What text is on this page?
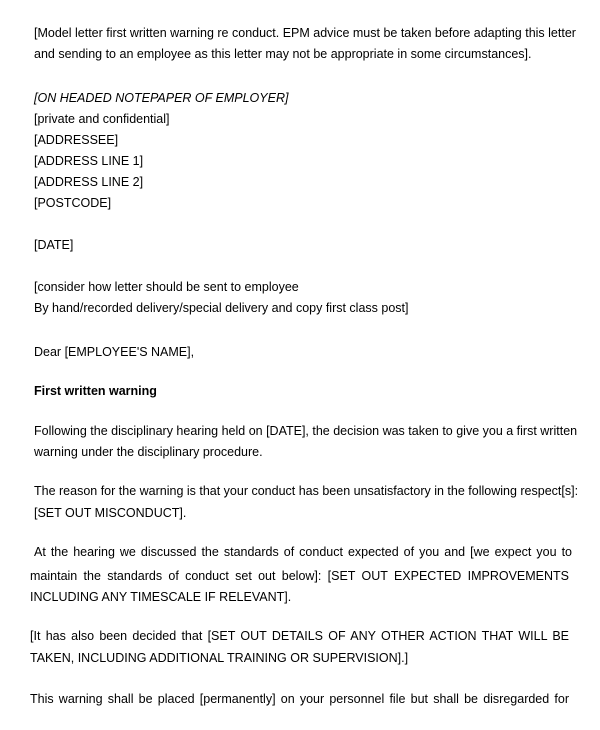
[Model letter first written warning re conduct. EPM advice must be taken before adapting this letter
and sending to an employee as this letter may not be appropriate in some circumstances].
[ON HEADED NOTEPAPER OF EMPLOYER]
[private and confidential]
[ADDRESSEE]
[ADDRESS LINE 1]
[ADDRESS LINE 2]
[POSTCODE]
[DATE]
[consider how letter should be sent to employee
By hand/recorded delivery/special delivery and copy first class post]
Dear [EMPLOYEE'S NAME],
First written warning
Following the disciplinary hearing held on [DATE], the decision was taken to give you a first written
warning under the disciplinary procedure.
The reason for the warning is that your conduct has been unsatisfactory in the following respect[s]:
[SET OUT MISCONDUCT].
At the hearing we discussed the standards of conduct expected of you and [we expect you to
maintain the standards of conduct set out below]: [SET OUT EXPECTED IMPROVEMENTS
INCLUDING ANY TIMESCALE IF RELEVANT].
[It has also been decided that [SET OUT DETAILS OF ANY OTHER ACTION THAT WILL BE
TAKEN, INCLUDING ADDITIONAL TRAINING OR SUPERVISION].]
This warning shall be placed [permanently] on your personnel file but shall be disregarded for
